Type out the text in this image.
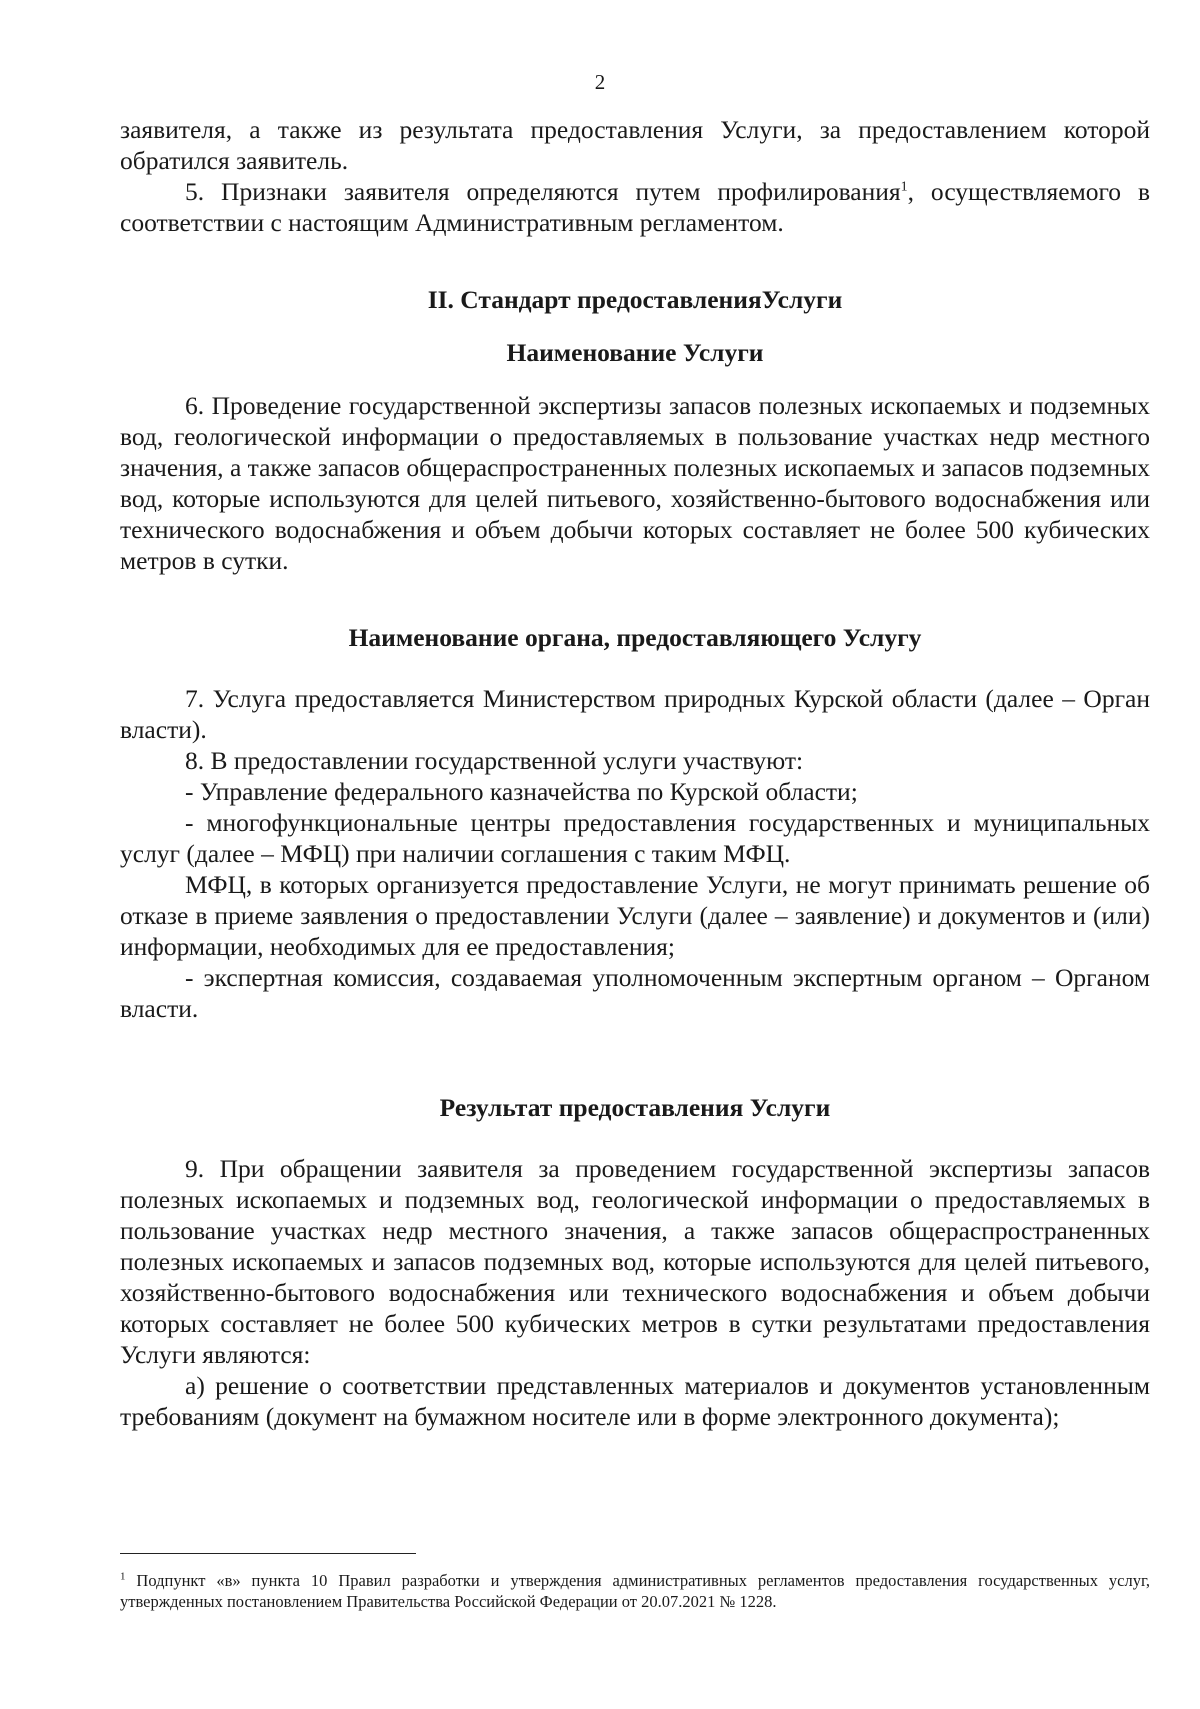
2

заявителя, а также из результата предоставления Услуги, за предоставлением которой обратился заявитель.

5. Признаки заявителя определяются путем профилирования$^1$, осуществляемого в соответствии с настоящим Административным регламентом.

II. Стандарт предоставленияУслуги

Наименование Услуги

6. Проведение государственной экспертизы запасов полезных ископаемых и подземных вод, геологической информации о предоставляемых в пользование участках недр местного значения, а также запасов общераспространенных полезных ископаемых и запасов подземных вод, которые используются для целей питьевого, хозяйственно-бытового водоснабжения или технического водоснабжения и объем добычи которых составляет не более 500 кубических метров в сутки.

Наименование органа, предоставляющего Услугу

7. Услуга предоставляется Министерством природных Курской области (далее – Орган власти).

8. В предоставлении государственной услуги участвуют:

- Управление федерального казначейства по Курской области;

- многофункциональные центры предоставления государственных и муниципальных услуг (далее – МФЦ) при наличии соглашения с таким МФЦ.

МФЦ, в которых организуется предоставление Услуги, не могут принимать решение об отказе в приеме заявления о предоставлении Услуги (далее – заявление) и документов и (или) информации, необходимых для ее предоставления;

- экспертная комиссия, создаваемая уполномоченным экспертным органом – Органом власти.

Результат предоставления Услуги

9. При обращении заявителя за проведением государственной экспертизы запасов полезных ископаемых и подземных вод, геологической информации о предоставляемых в пользование участках недр местного значения, а также запасов общераспространенных полезных ископаемых и запасов подземных вод, которые используются для целей питьевого, хозяйственно-бытового водоснабжения или технического водоснабжения и объем добычи которых составляет не более 500 кубических метров в сутки результатами предоставления Услуги являются:

а) решение о соответствии представленных материалов и документов установленным требованиям (документ на бумажном носителе или в форме электронного документа);

$^1$ Подпункт «в» пункта 10 Правил разработки и утверждения административных регламентов предоставления государственных услуг, утвержденных постановлением Правительства Российской Федерации от 20.07.2021 № 1228.
